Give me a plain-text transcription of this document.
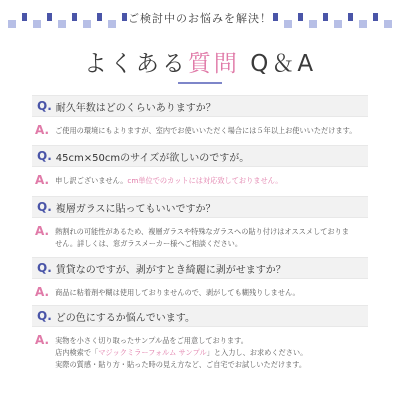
ご検討中のお悩みを解決！
よくある質問 Q＆A
Q. 耐久年数はどのくらいありますか？
A. ご使用の環境にもよりますが、室内でお使いいただく場合には５年以上お使いいただけます。
Q. 45cm×50cmのサイズが欲しいのですが。
A. 申し訳ございません。cm単位でのカットには対応致しておりません。
Q. 複層ガラスに貼ってもいいですか？
A. 熱割れの可能性があるため、複層ガラスや特殊なガラスへの貼り付けはオススメしておりま
せん。詳しくは、窓ガラスメーカー様へご相談ください。
Q. 賃貸なのですが、剥がすとき綺麗に剥がせますか？
A. 商品に粘着剤や糊は使用しておりませんので、剥がしても糊残りしません。
Q. どの色にするか悩んでいます。
A. 実物を小さく切り取ったサンプル品をご用意しております。
店内検索で「マジックミラーフォルム サンプル」と入力し、お求めください。
実際の質感・貼り方・貼った時の見え方など、ご自宅でお試しいただけます。
